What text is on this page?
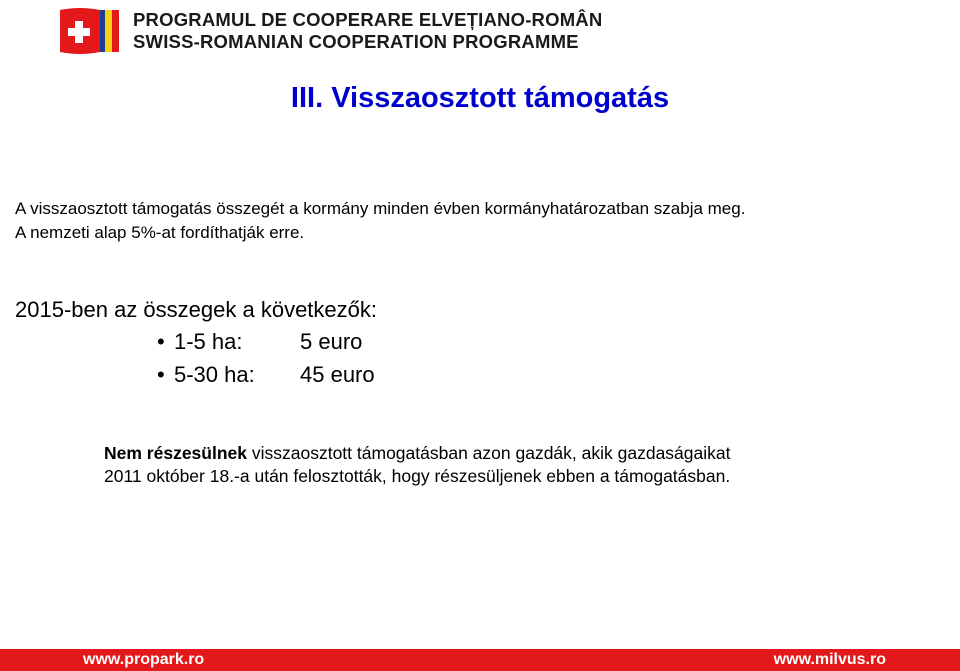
PROGRAMUL DE COOPERARE ELVEȚIANO-ROMÂN
SWISS-ROMANIAN COOPERATION PROGRAMME
III. Visszaosztott támogatás
A visszaosztott támogatás összegét a kormány minden évben kormányhatározatban szabja meg.
A nemzeti alap 5%-at fordíthatják erre.
2015-ben az összegek a következők:
• 1-5 ha:	5 euro
• 5-30 ha: 45 euro
Nem részesülnek visszaosztott támogatásban azon gazdák, akik gazdaságaikat
2011 október 18.-a után felosztották, hogy részesüljenek ebben a támogatásban.
www.propark.ro	www.milvus.ro
